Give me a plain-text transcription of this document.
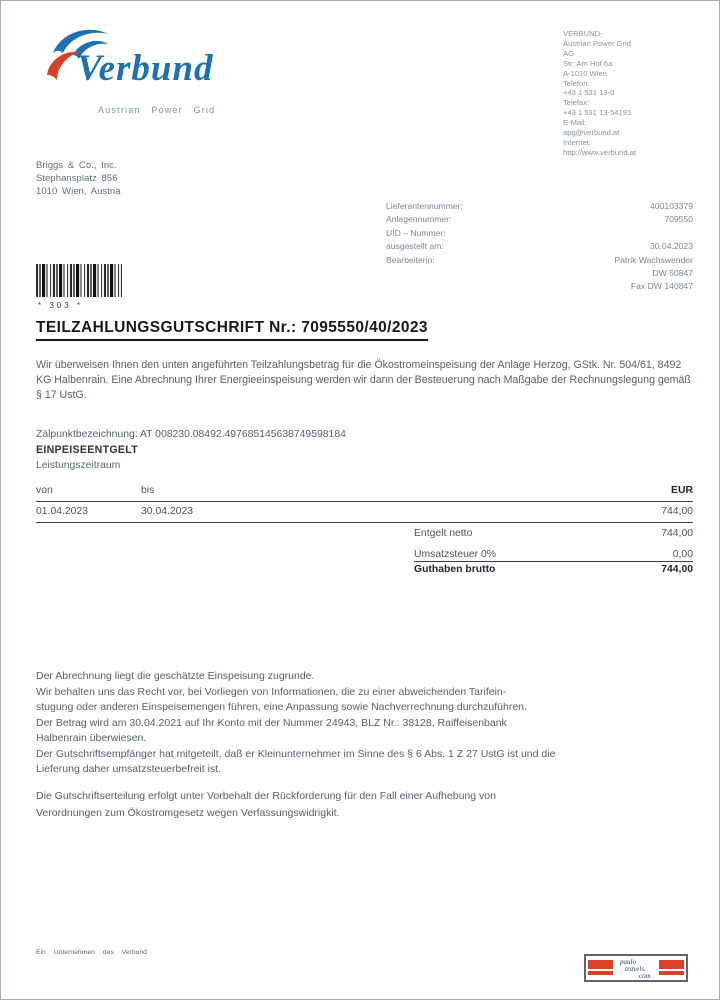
Verbund
Austrian Power Grid
VERBUND-
Austrian Power Grid
AG
Str: Am Hof 6a
A-1010 Wien
Telefon:
+43 1 531 13-0
Telefax:
+43 1 531 13-54191
E-Mail:
apg@verbund.at
Internet:
http://www.verbund.at
Briggs & Co., Inc.
Stephansplatz 856
1010 Wien, Austria
Lieferantennummer:	400103379
Anlagennummer:	709550
UID – Nummer:
ausgestellt am:	30.04.2023
Bearbeiterin:	Patrik Wachswender
DW 50847
Fax DW 140847
* 303 *
TEILZAHLUNGSGUTSCHRIFT Nr.: 7095550/40/2023
Wir überweisen Ihnen den unten angeführten Teilzahlungsbetrag für die Ökostromeinspeisung der Anlage Herzog, GStk. Nr. 504/61, 8492 KG Halbenrain. Eine Abrechnung Ihrer Energieeinspeisung werden wir dann der Besteuerung nach Maßgabe der Rechnungslegung gemäß § 17 UstG.
Zälpunktbezeichnung: AT 008230.08492.497685145638749598184
EINPEISEENTGELT
Leistungszeitraum
von	bis	EUR
01.04.2023	30.04.2023	744,00
Entgelt netto	744,00
Umsatzsteuer 0%	0,00
Guthaben brutto	744,00
Der Abrechnung liegt die geschätzte Einspeisung zugrunde.
Wir behalten uns das Recht vor, bei Vorliegen von Informationen, die zu einer abweichenden Tarifein-
stugung oder anderen Einspeisemengen führen, eine Anpassung sowie Nachverrechnung durchzuführen.
Der Betrag wird am 30.04.2021 auf Ihr Konto mit der Nummer 24943, BLZ Nr.: 38128, Raiffeisenbank
Halbenrain überwiesen.
Der Gutschriftsempfänger hat mitgeteilt, daß er Kleinunternehmer im Sinne des § 6 Abs. 1 Z 27 UstG ist und die
Lieferung daher umsatzsteuerbefreit ist.
Die Gutschriftserteilung erfolgt unter Vorbehalt der Rückforderung für den Fall einer Aufhebung von
Verordnungen zum Ökostromgesetz wegen Verfassungswidrigkit.
Ein Unternehmen des Verbund
paulo
travels.
com
